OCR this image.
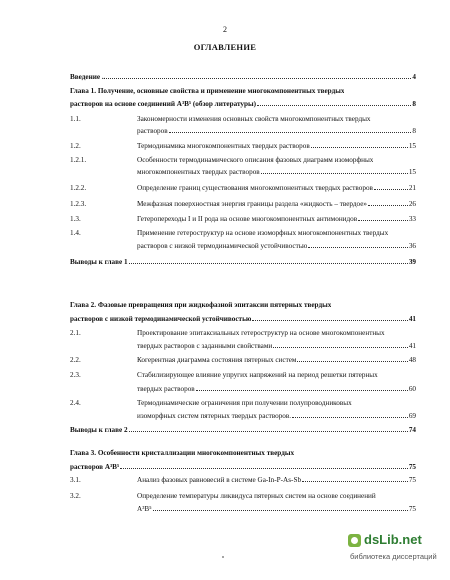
2
ОГЛАВЛЕНИЕ
Введение ..	4
Глава 1. Получение, основные свойства и применение многокомпонентных твердых
растворов на основе соединений A³B⁵ (обзор литературы)	8
1.1.	Закономерности изменения основных свойств многокомпонентных твердых
растворов	8
1.2.	Термодинамика многокомпонентных твердых растворов	15
1.2.1.	Особенности термодинамического описания фазовых диаграмм изоморфных
многокомпонентных твердых растворов	15
1.2.2.	Определение границ существования многокомпонентных твердых растворов	21
1.2.3.	Межфазная поверхностная энергия границы раздела «жидкость – твердое»	26
1.3.	Гетеропереходы I и II рода на основе многокомпонентных антимонидов	33
1.4.	Применение гетероструктур на основе изоморфных многокомпонентных твердых
растворов с низкой термодинамической устойчивостью	36
Выводы к главе 1	39
Глава 2. Фазовые превращения при жидкофазной эпитаксии пятерных твердых
растворов с низкой термодинамической устойчивостью	41
2.1.	Проектирование эпитаксиальных гетероструктур на основе многокомпонентных
твердых растворов с заданными свойствами	41
2.2.	Когерентная диаграмма состояния пятерных систем	48
2.3.	Стабилизирующее влияние упругих напряжений на период решетки пятерных
твердых растворов	60
2.4.	Термодинамические ограничения при получении полупроводниковых
изоморфных систем пятерных твердых растворов.	69
Выводы к главе 2	74
Глава 3. Особенности кристаллизации многокомпонентных твердых
растворов A³B⁵	75
3.1.	Анализ фазовых равновесий в системе Ga-In-P-As-Sb	75
3.2.	Определение температуры ликвидуса пятерных систем на основе соединений
A³B⁵	75
dsLib.net
библиотека диссертаций
